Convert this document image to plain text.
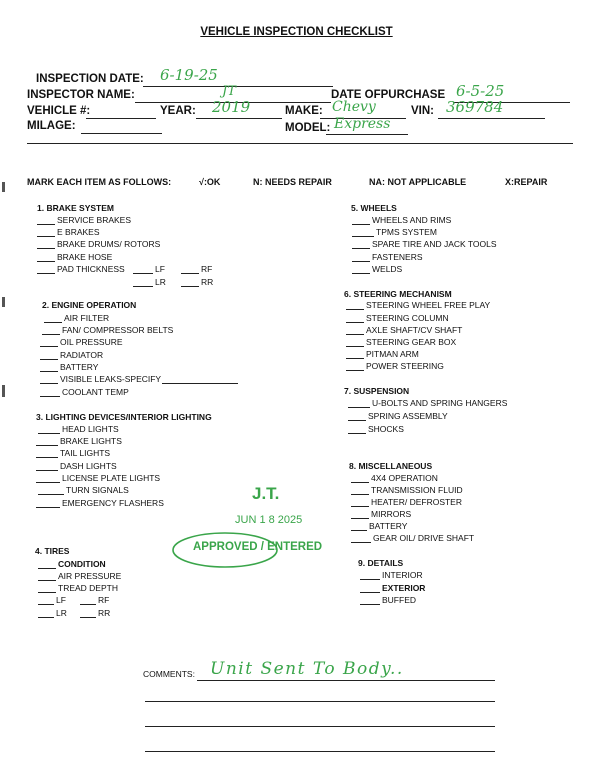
VEHICLE INSPECTION CHECKLIST
INSPECTION DATE: 6-19-25
INSPECTOR NAME:	JT	DATE OFPURCHASE 6-5-25
VEHICLE #:	YEAR: 2019	MAKE: Chevy	VIN: 369784
MILAGE:	MODEL: Express
MARK EACH ITEM AS FOLLOWS:	√:OK	N: NEEDS REPAIR	NA: NOT APPLICABLE	X:REPAIR
1. BRAKE SYSTEM
SERVICE BRAKES
E BRAKES
BRAKE DRUMS/ ROTORS
BRAKE HOSE
PAD THICKNESS	LF	RF
LR	RR
2. ENGINE OPERATION
AIR FILTER
FAN/ COMPRESSOR BELTS
OIL PRESSURE
RADIATOR
BATTERY
VISIBLE LEAKS-SPECIFY
COOLANT TEMP
3. LIGHTING DEVICES/INTERIOR LIGHTING
HEAD LIGHTS
BRAKE LIGHTS
TAIL LIGHTS
DASH LIGHTS
LICENSE PLATE LIGHTS
TURN SIGNALS
EMERGENCY FLASHERS
4. TIRES
CONDITION
AIR PRESSURE
TREAD DEPTH
LF	RF
LR	RR
5. WHEELS
WHEELS AND RIMS
TPMS SYSTEM
SPARE TIRE AND JACK TOOLS
FASTENERS
WELDS
6. STEERING MECHANISM
STEERING WHEEL FREE PLAY
STEERING COLUMN
AXLE SHAFT/CV SHAFT
STEERING GEAR BOX
PITMAN ARM
POWER STEERING
7. SUSPENSION
U-BOLTS AND SPRING HANGERS
SPRING ASSEMBLY
SHOCKS
8. MISCELLANEOUS
4X4 OPERATION
TRANSMISSION FLUID
HEATER/ DEFROSTER
MIRRORS
BATTERY
GEAR OIL/ DRIVE SHAFT
9. DETAILS
INTERIOR
EXTERIOR
BUFFED
J.T.
JUN 1 8 2025
APPROVED / ENTERED
COMMENTS: Unit Sent To Body..
